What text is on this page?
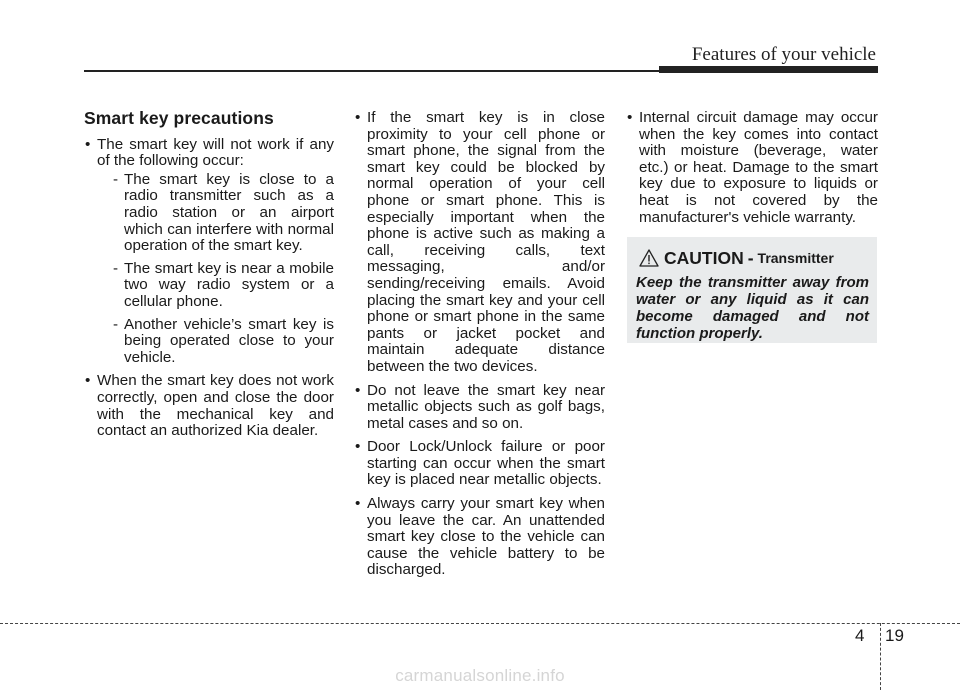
Features of your vehicle
Smart key precautions
• The smart key will not work if any of the following occur:
- The smart key is close to a radio transmitter such as a radio station or an airport which can interfere with normal operation of the smart key.
- The smart key is near a mobile two way radio system or a cellular phone.
- Another vehicle’s smart key is being operated close to your vehicle.
• When the smart key does not work correctly, open and close the door with the mechanical key and contact an authorized Kia dealer.
• If the smart key is in close proximity to your cell phone or smart phone, the signal from the smart key could be blocked by normal operation of your cell phone or smart phone. This is especially important when the phone is active such as making a call, receiving calls, text messaging, and/or sending/receiving emails. Avoid placing the smart key and your cell phone or smart phone in the same pants or jacket pocket and maintain adequate distance between the two devices.
• Do not leave the smart key near metallic objects such as golf bags, metal cases and so on.
• Door Lock/Unlock failure or poor starting can occur when the smart key is placed near metallic objects.
• Always carry your smart key when you leave the car. An unattended smart key close to the vehicle can cause the vehicle battery to be discharged.
• Internal circuit damage may occur when the key comes into contact with moisture (beverage, water etc.) or heat. Damage to the smart key due to exposure to liquids or heat is not covered by the manufacturer's vehicle warranty.
CAUTION - Transmitter
Keep the transmitter away from water or any liquid as it can become damaged and not function properly.
4 19
carmanualsonline.info
